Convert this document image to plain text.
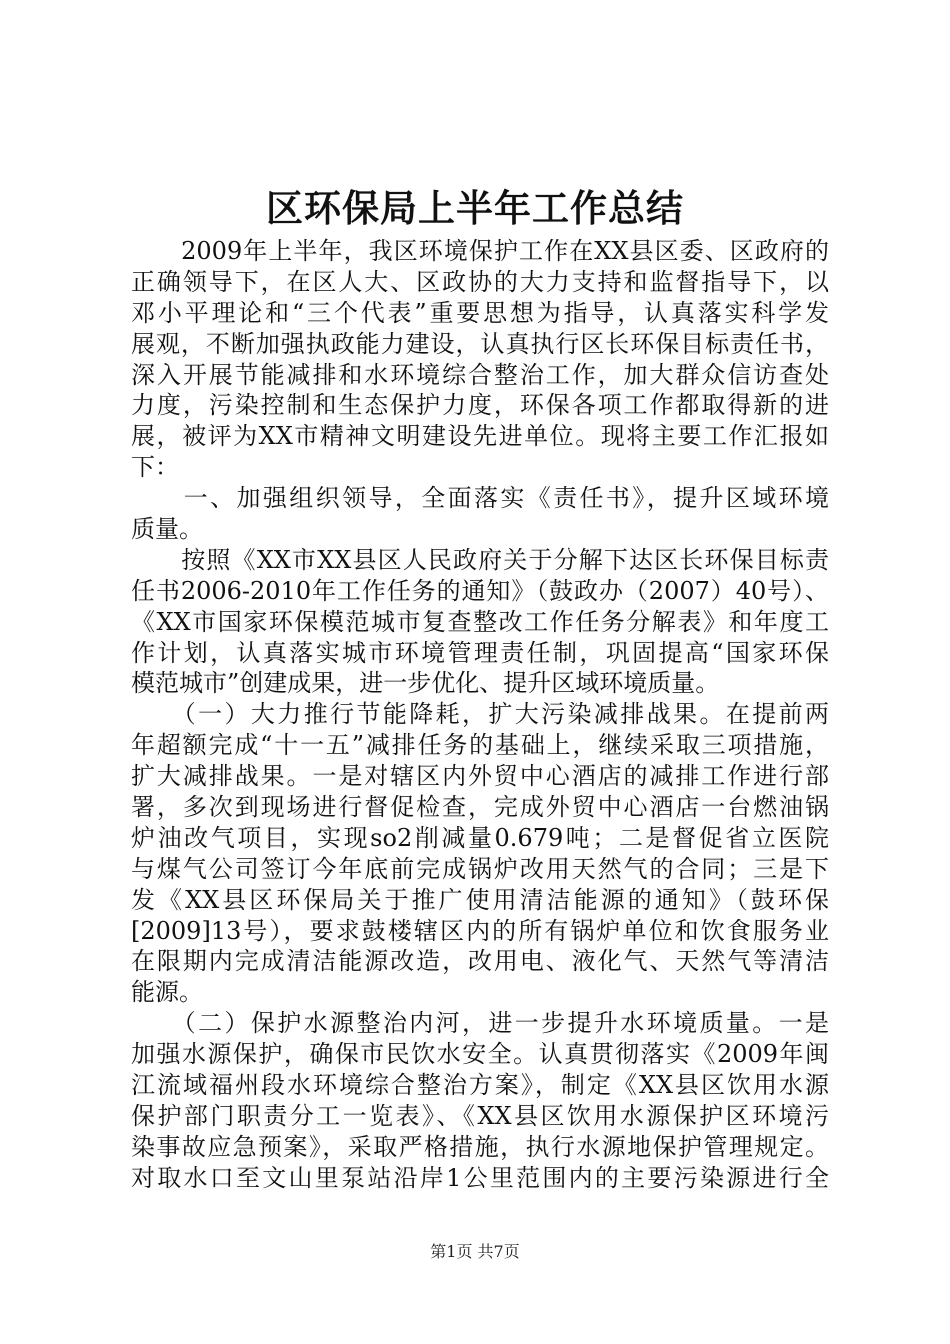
区环保局上半年工作总结
　　2009年上半年，我区环境保护工作在XX县区委、区政府的
正确领导下，在区人大、区政协的大力支持和监督指导下，以
邓小平理论和“三个代表”重要思想为指导，认真落实科学发
展观，不断加强执政能力建设，认真执行区长环保目标责任书，
深入开展节能减排和水环境综合整治工作，加大群众信访查处
力度，污染控制和生态保护力度，环保各项工作都取得新的进
展，被评为XX市精神文明建设先进单位。现将主要工作汇报如
下：
　　一、加强组织领导，全面落实《责任书》，提升区域环境
质量。
　　按照《XX市XX县区人民政府关于分解下达区长环保目标责
任书2006-2010年工作任务的通知》（鼓政办（2007）40号）、
《XX市国家环保模范城市复查整改工作任务分解表》和年度工
作计划，认真落实城市环境管理责任制，巩固提高“国家环保
模范城市”创建成果，进一步优化、提升区域环境质量。
　　（一）大力推行节能降耗，扩大污染减排战果。在提前两
年超额完成“十一五”减排任务的基础上，继续采取三项措施，
扩大减排战果。一是对辖区内外贸中心酒店的减排工作进行部
署，多次到现场进行督促检查，完成外贸中心酒店一台燃油锅
炉油改气项目，实现so2削减量0.679吨；二是督促省立医院
与煤气公司签订今年底前完成锅炉改用天然气的合同；三是下
发《XX县区环保局关于推广使用清洁能源的通知》（鼓环保
[2009]13号），要求鼓楼辖区内的所有锅炉单位和饮食服务业
在限期内完成清洁能源改造，改用电、液化气、天然气等清洁
能源。
　　（二）保护水源整治内河，进一步提升水环境质量。一是
加强水源保护，确保市民饮水安全。认真贯彻落实《2009年闽
江流域福州段水环境综合整治方案》，制定《XX县区饮用水源
保护部门职责分工一览表》、《XX县区饮用水源保护区环境污
染事故应急预案》，采取严格措施，执行水源地保护管理规定。
对取水口至文山里泵站沿岸1公里范围内的主要污染源进行全
第1页 共7页
